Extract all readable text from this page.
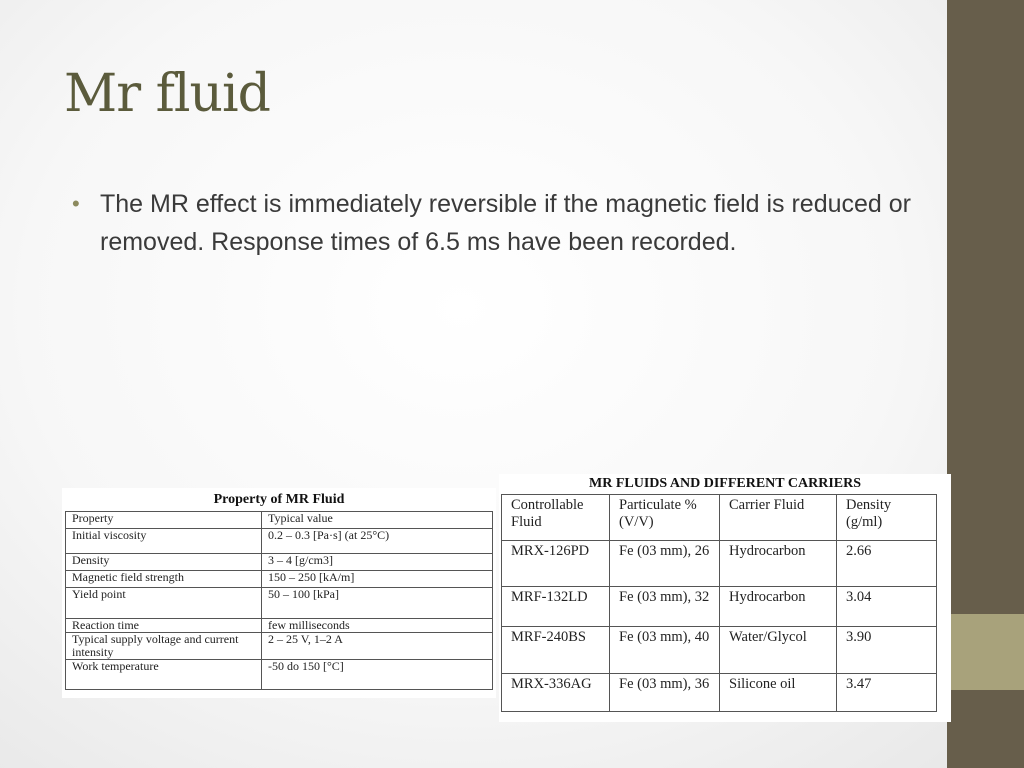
Mr fluid
• The MR effect is immediately reversible if the magnetic field is reduced or removed. Response times of 6.5 ms have been recorded.

Property of MR Fluid

Property	Typical value
Initial viscosity	0.2 – 0.3 [Pa·s] (at 25°C)
Density	3 – 4 [g/cm3]
Magnetic field strength	150 – 250 [kA/m]
Yield point	50 – 100 [kPa]
Reaction time	few milliseconds
Typical supply voltage and current intensity	2 – 25 V, 1–2 A
Work temperature	-50 do 150 [°C]

MR FLUIDS AND DIFFERENT CARRIERS

Controllable Fluid	Particulate %(V/V)	Carrier Fluid	Density (g/ml)
MRX-126PD	Fe (03 mm), 26	Hydrocarbon	2.66
MRF-132LD	Fe (03 mm), 32	Hydrocarbon	3.04
MRF-240BS	Fe (03 mm), 40	Water/Glycol	3.90
MRX-336AG	Fe (03 mm), 36	Silicone oil	3.47
